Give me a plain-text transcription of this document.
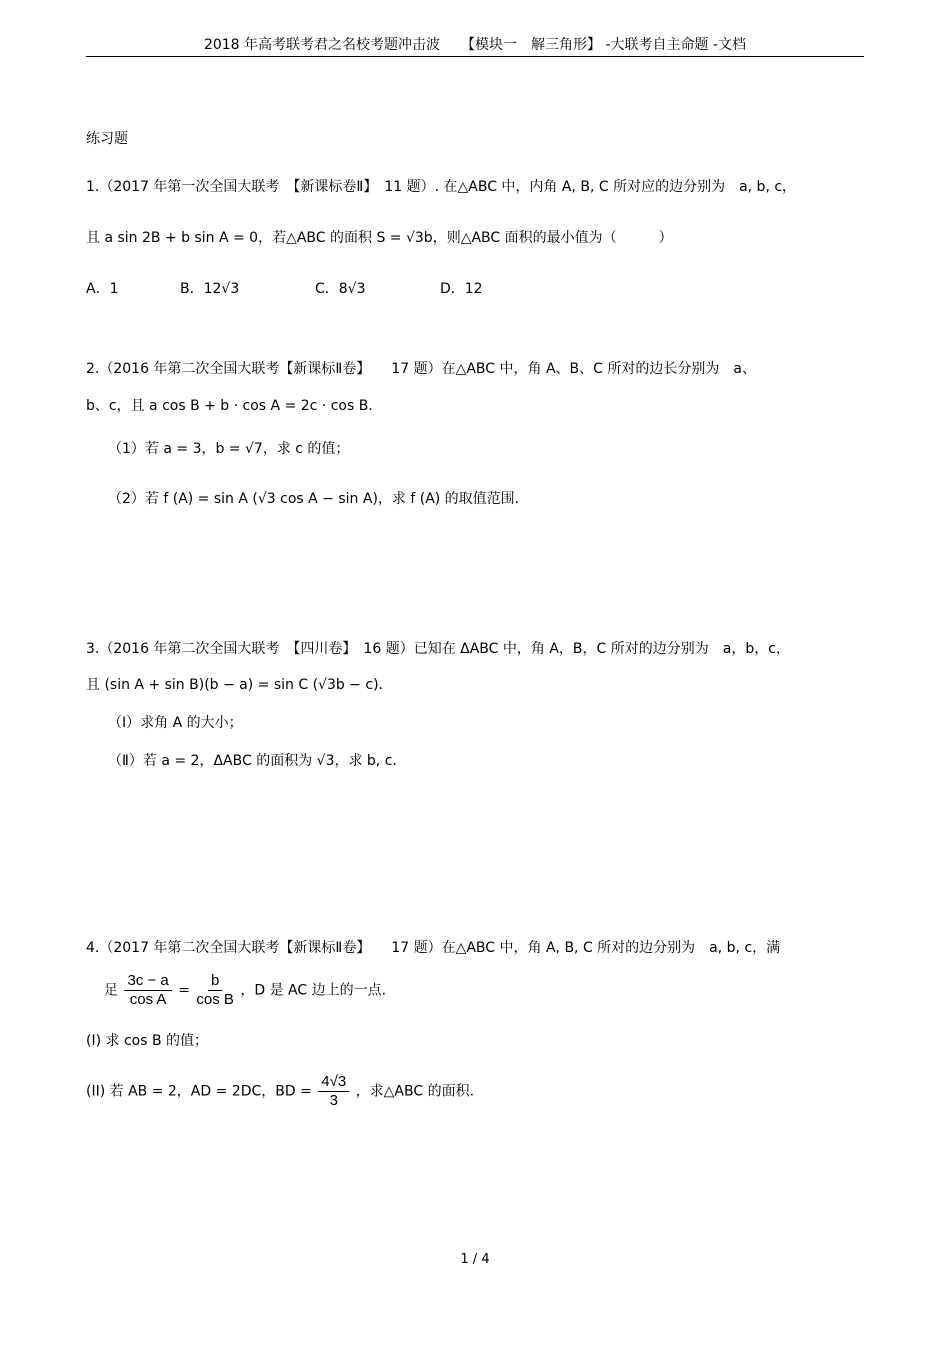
2018 年高考联考君之名校考题冲击波　　【模块一　解三角形】 -大联考自主命题 -文档
练习题
1.（2017 年第一次全国大联考　【新课标卷Ⅱ】　11 题）. 在△ABC 中，内角 A, B, C 所对应的边分别为　a, b, c，
且 a sin 2B + b sin A = 0，若△ABC 的面积 S = √3b，则△ABC 面积的最小值为（　　　）
A．1	B．12√3	C．8√3	D．12
2.（2016 年第二次全国大联考【新课标Ⅱ卷】　　17 题）在△ABC 中，角 A、B、C 所对的边长分别为　a、
b、c，且 a cos B + b · cos A = 2c · cos B．
（1）若 a = 3，b = √7，求 c 的值；
（2）若 f (A) = sin A (√3 cos A − sin A)，求 f (A) 的取值范围.
3.（2016 年第二次全国大联考　【四川卷】　16 题）已知在 ΔABC 中，角 A，B，C 所对的边分别为　a，b，c，
且 (sin A + sin B)(b − a) = sin C (√3b − c)．
（Ⅰ）求角 A 的大小；
（Ⅱ）若 a = 2，ΔABC 的面积为 √3，求 b, c.
4.（2017 年第二次全国大联考【新课标Ⅱ卷】　　17 题）在△ABC 中，角 A, B, C 所对的边分别为　a, b, c，满
足 $\frac{3c - a}{\text{cos A}} = \frac{b}{\text{cos B}}$ ，D 是 AC 边上的一点.
(Ⅰ) 求 cos B 的值；
(II) 若 AB = 2，AD = 2DC，BD = $\frac{4√3}{3}$ ，求△ABC 的面积．
1 / 4
